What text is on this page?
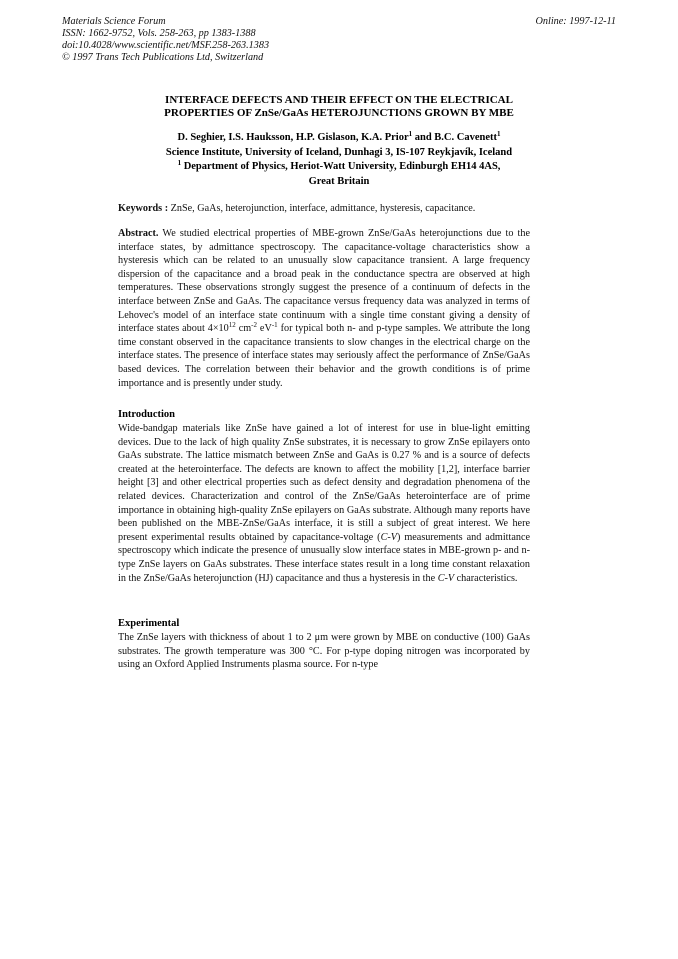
Materials Science Forum
ISSN: 1662-9752, Vols. 258-263, pp 1383-1388
doi:10.4028/www.scientific.net/MSF.258-263.1383
© 1997 Trans Tech Publications Ltd, Switzerland
Online: 1997-12-11
INTERFACE DEFECTS AND THEIR EFFECT ON THE ELECTRICAL
PROPERTIES OF ZnSe/GaAs HETEROJUNCTIONS GROWN BY MBE
D. Seghier, I.S. Hauksson, H.P. Gislason, K.A. Prior$^1$ and B.C. Cavenett$^1$
Science Institute, University of Iceland, Dunhagi 3, IS-107 Reykjavík, Iceland
$^1$ Department of Physics, Heriot-Watt University, Edinburgh EH14 4AS,
Great Britain
Keywords : ZnSe, GaAs, heterojunction, interface, admittance, hysteresis, capacitance.
Abstract. We studied electrical properties of MBE-grown ZnSe/GaAs heterojunctions due to the interface states, by admittance spectroscopy. The capacitance-voltage characteristics show a hysteresis which can be related to an unusually slow capacitance transient. A large frequency dispersion of the capacitance and a broad peak in the conductance spectra are observed at high temperatures. These observations strongly suggest the presence of a continuum of defects in the interface between ZnSe and GaAs. The capacitance versus frequency data was analyzed in terms of Lehovec's model of an interface state continuum with a single time constant giving a density of interface states about $4\times 10^{12}$ $cm^{-2}$ $eV^{-1}$ for typical both n- and p-type samples. We attribute the long time constant observed in the capacitance transients to slow changes in the electrical charge on the interface states. The presence of interface states may seriously affect the performance of ZnSe/GaAs based devices. The correlation between their behavior and the growth conditions is of prime importance and is presently under study.
Introduction
Wide-bandgap materials like ZnSe have gained a lot of interest for use in blue-light emitting devices. Due to the lack of high quality ZnSe substrates, it is necessary to grow ZnSe epilayers onto GaAs substrate. The lattice mismatch between ZnSe and GaAs is 0.27 % and is a source of defects created at the heterointerface. The defects are known to affect the mobility [1,2], interface barrier height [3] and other electrical properties such as defect density and degradation phenomena of the related devices. Characterization and control of the ZnSe/GaAs heterointerface are of prime importance in obtaining high-quality ZnSe epilayers on GaAs substrate. Although many reports have been published on the MBE-ZnSe/GaAs interface, it is still a subject of great interest. We here present experimental results obtained by capacitance-voltage (C-V) measurements and admittance spectroscopy which indicate the presence of unusually slow interface states in MBE-grown p- and n-type ZnSe layers on GaAs substrates. These interface states result in a long time constant relaxation in the ZnSe/GaAs heterojunction (HJ) capacitance and thus a hysteresis in the C-V characteristics.
Experimental
The ZnSe layers with thickness of about 1 to 2 μm were grown by MBE on conductive (100) GaAs substrates. The growth temperature was 300 °C. For p-type doping nitrogen was incorporated by using an Oxford Applied Instruments plasma source. For n-type
